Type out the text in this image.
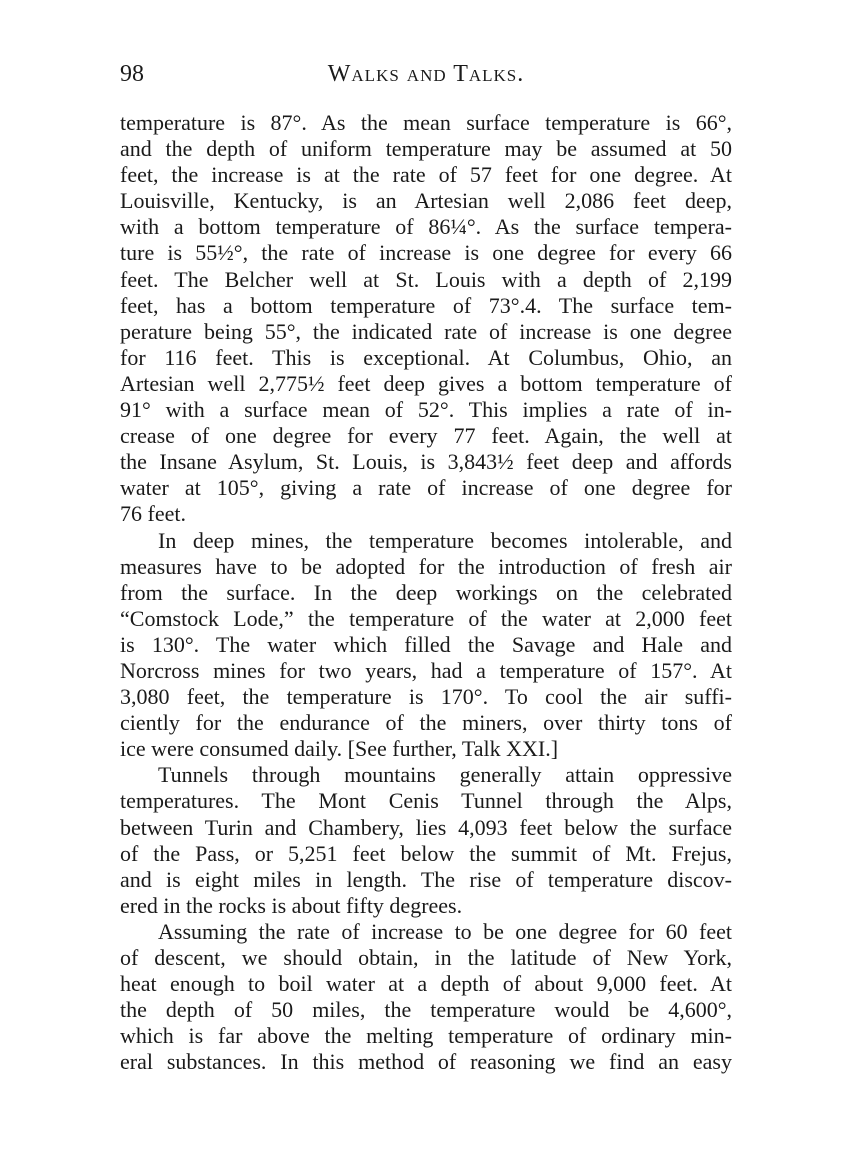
98	Walks and Talks.
temperature is 87°. As the mean surface temperature is 66°,
and the depth of uniform temperature may be assumed at 50
feet, the increase is at the rate of 57 feet for one degree. At
Louisville, Kentucky, is an Artesian well 2,086 feet deep,
with a bottom temperature of 86¼°. As the surface tempera-
ture is 55½°, the rate of increase is one degree for every 66
feet. The Belcher well at St. Louis with a depth of 2,199
feet, has a bottom temperature of 73°.4. The surface tem-
perature being 55°, the indicated rate of increase is one degree
for 116 feet. This is exceptional. At Columbus, Ohio, an
Artesian well 2,775½ feet deep gives a bottom temperature of
91° with a surface mean of 52°. This implies a rate of in-
crease of one degree for every 77 feet. Again, the well at
the Insane Asylum, St. Louis, is 3,843½ feet deep and affords
water at 105°, giving a rate of increase of one degree for
76 feet.
In deep mines, the temperature becomes intolerable, and
measures have to be adopted for the introduction of fresh air
from the surface. In the deep workings on the celebrated
“Comstock Lode,” the temperature of the water at 2,000 feet
is 130°. The water which filled the Savage and Hale and
Norcross mines for two years, had a temperature of 157°. At
3,080 feet, the temperature is 170°. To cool the air suffi-
ciently for the endurance of the miners, over thirty tons of
ice were consumed daily. [See further, Talk XXI.]
Tunnels through mountains generally attain oppressive
temperatures. The Mont Cenis Tunnel through the Alps,
between Turin and Chambery, lies 4,093 feet below the surface
of the Pass, or 5,251 feet below the summit of Mt. Frejus,
and is eight miles in length. The rise of temperature discov-
ered in the rocks is about fifty degrees.
Assuming the rate of increase to be one degree for 60 feet
of descent, we should obtain, in the latitude of New York,
heat enough to boil water at a depth of about 9,000 feet. At
the depth of 50 miles, the temperature would be 4,600°,
which is far above the melting temperature of ordinary min-
eral substances. In this method of reasoning we find an easy
